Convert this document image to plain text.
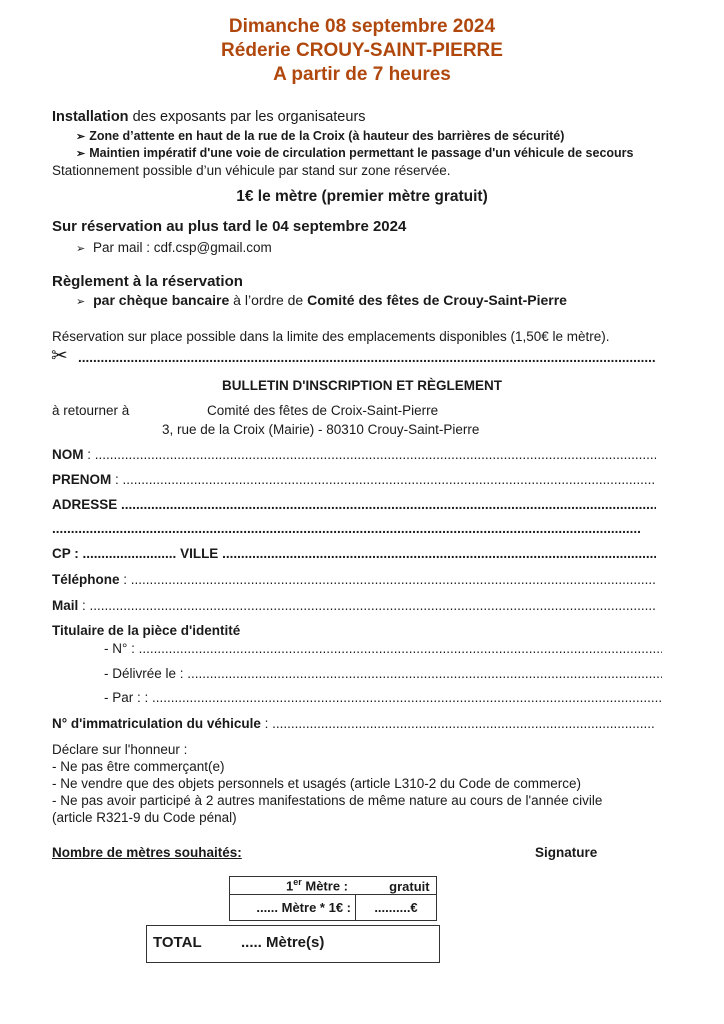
Dimanche 08 septembre 2024
Réderie CROUY-SAINT-PIERRE
A partir de 7 heures
Installation des exposants par les organisateurs
➢ Zone d’attente en haut de la rue de la Croix (à hauteur des barrières de sécurité)
➢ Maintien impératif d'une voie de circulation permettant le passage d'un véhicule de secours
Stationnement possible d’un véhicule par stand sur zone réservée.
1€ le mètre (premier mètre gratuit)
Sur réservation au plus tard le 04 septembre 2024
➢ Par mail : cdf.csp@gmail.com
Règlement à la réservation
➢ par chèque bancaire à l’ordre de Comité des fêtes de Crouy-Saint-Pierre
Réservation sur place possible dans la limite des emplacements disponibles (1,50€ le mètre).
✂
.....
BULLETIN D'INSCRIPTION ET RÈGLEMENT
à retourner à	Comité des fêtes de Croix-Saint-Pierre
3, rue de la Croix (Mairie) - 80310 Crouy-Saint-Pierre
NOM : .....
PRENOM : .....
ADRESSE .....
.....
CP : ......................... VILLE .....
Téléphone : .....
Mail : .....
Titulaire de la pièce d'identité
- N° : .....
- Délivrée le : .....
- Par : : .....
N° d'immatriculation du véhicule : .....
Déclare sur l'honneur :
- Ne pas être commerçant(e)
- Ne vendre que des objets personnels et usagés (article L310-2 du Code de commerce)
- Ne pas avoir participé à 2 autres manifestations de même nature au cours de l'année civile
(article R321-9 du Code pénal)
Nombre de mètres souhaités:	Signature
	1er Mètre : gratuit	
	...... Mètre * 1€ :	..........€
TOTAL	..... Mètre(s)
